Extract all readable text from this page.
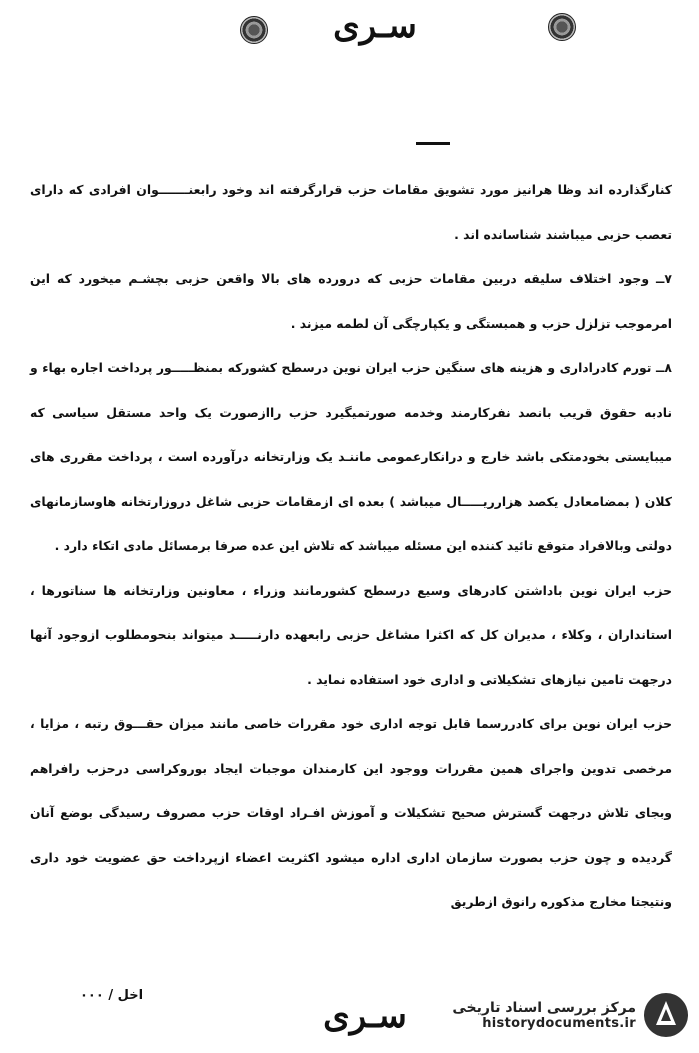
سـرى

کنارگذارده اند وظا هرانیز مورد تشویق مقامات حزب قرارگرفته اند وخود رابعنـــــــوان افرادی که دارای تعصب حزبی میباشند شناسانده اند .

۷ــ وجود اختلاف سلیقه دربین مقامات حزبی که درورده های بالا واقعن حزبی بچشـم میخورد که این امرموجب تزلزل حزب و همبستگی و یکپارچگی آن لطمه میزند .

۸ــ تورم کادراداری و هزینه های سنگین حزب ایران نوین درسطح کشورکه بمنظـــــور پرداخت اجاره بهاء و نادبه حقوق قریب بانصد نفرکارمند وخدمه صورتمیگیرد حزب راازصورت یک واحد مستقل سیاسی که میبایستی بخودمتکی باشد خارج و درانکارعمومی ماننـد یک وزارتخانه درآورده است ، پرداخت مقرری های کلان ( بمضامعادل یکصد هزارریـــــال میباشد ) بعده ای ازمقامات حزبی شاغل دروزارتخانه هاوسازمانهای دولتی وبالافراد متوقع تائید کننده این مسئله میباشد که تلاش این عده صرفا برمسائل مادی اتکاء دارد .

حزب ایران نوین باداشتن کادرهای وسیع درسطح کشورمانند وزراء ، معاونین وزارتخانه ها سناتورها ، استانداران ، وکلاء ، مدیران کل که اکثرا مشاغل حزبی رابعهده دارنـــــد میتواند بنحومطلوب ازوجود آنها درجهت تامین نیازهای تشکیلاتی و اداری خود استفاده نماید .

حزب ایران نوین برای کادررسما قابل توجه اداری خود مقررات خاصی مانند میزان حقـــوق رتبه ، مزایا ، مرخصی تدوین واجرای همین مقررات ووجود این کارمندان موجبات ایجاد بوروکراسی درحزب رافراهم وبجای تلاش درجهت گسترش صحیح تشکیلات و آموزش افـراد اوقات حزب مصروف رسیدگی بوضع آنان گردیده و چون حزب بصورت سازمان اداری اداره میشود اکثریت اعضاء ازپرداخت حق عضویت خود داری ونتیجتا مخارج مذکوره رانوق ازطریق

اخل / ۰۰۰
سـرى	مرکز بررسی اسناد تاریخی
historydocuments.ir
